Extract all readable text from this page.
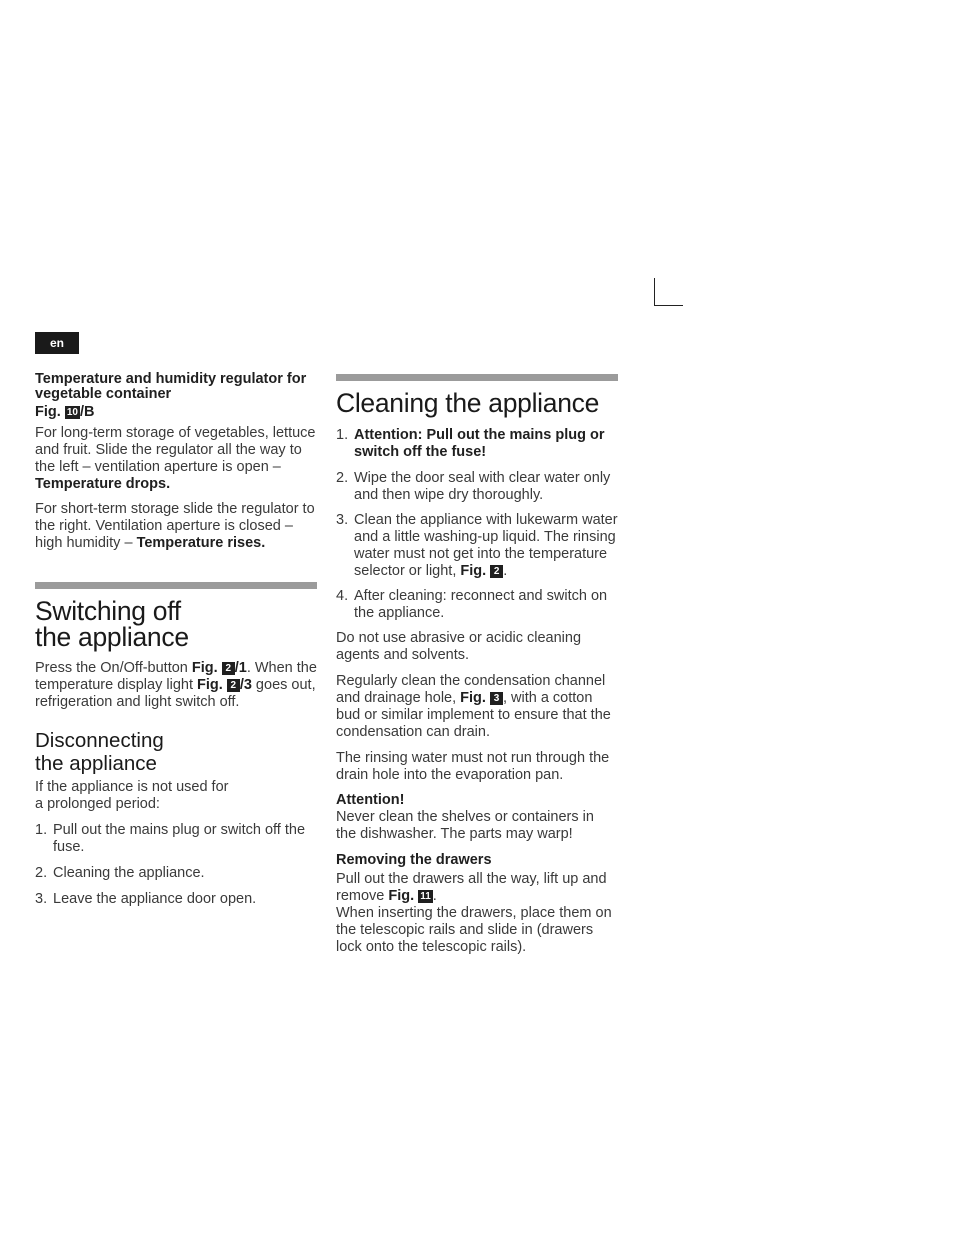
en
Temperature and humidity regulator for vegetable container
Fig. 10 /B

For long-term storage of vegetables, lettuce and fruit. Slide the regulator all the way to the left – ventilation aperture is open – Temperature drops.

For short-term storage slide the regulator to the right. Ventilation aperture is closed – high humidity – Temperature rises.

Switching off
the appliance

Press the On/Off-button Fig. 2 /1. When the temperature display light Fig. 2 /3 goes out, refrigeration and light switch off.

Disconnecting
the appliance

If the appliance is not used for
a prolonged period:

1. Pull out the mains plug or switch off the fuse.
2. Cleaning the appliance.
3. Leave the appliance door open.
Cleaning the appliance
1. Attention: Pull out the mains plug or switch off the fuse!
2. Wipe the door seal with clear water only and then wipe dry thoroughly.
3. Clean the appliance with lukewarm water and a little washing-up liquid. The rinsing water must not get into the temperature selector or light, Fig. 2 .
4. After cleaning: reconnect and switch on the appliance.

Do not use abrasive or acidic cleaning agents and solvents.

Regularly clean the condensation channel and drainage hole, Fig. 3 , with a cotton bud or similar implement to ensure that the condensation can drain.

The rinsing water must not run through the drain hole into the evaporation pan.

Attention!
Never clean the shelves or containers in the dishwasher. The parts may warp!

Removing the drawers

Pull out the drawers all the way, lift up and remove Fig. 11 .
When inserting the drawers, place them on the telescopic rails and slide in (drawers lock onto the telescopic rails).
